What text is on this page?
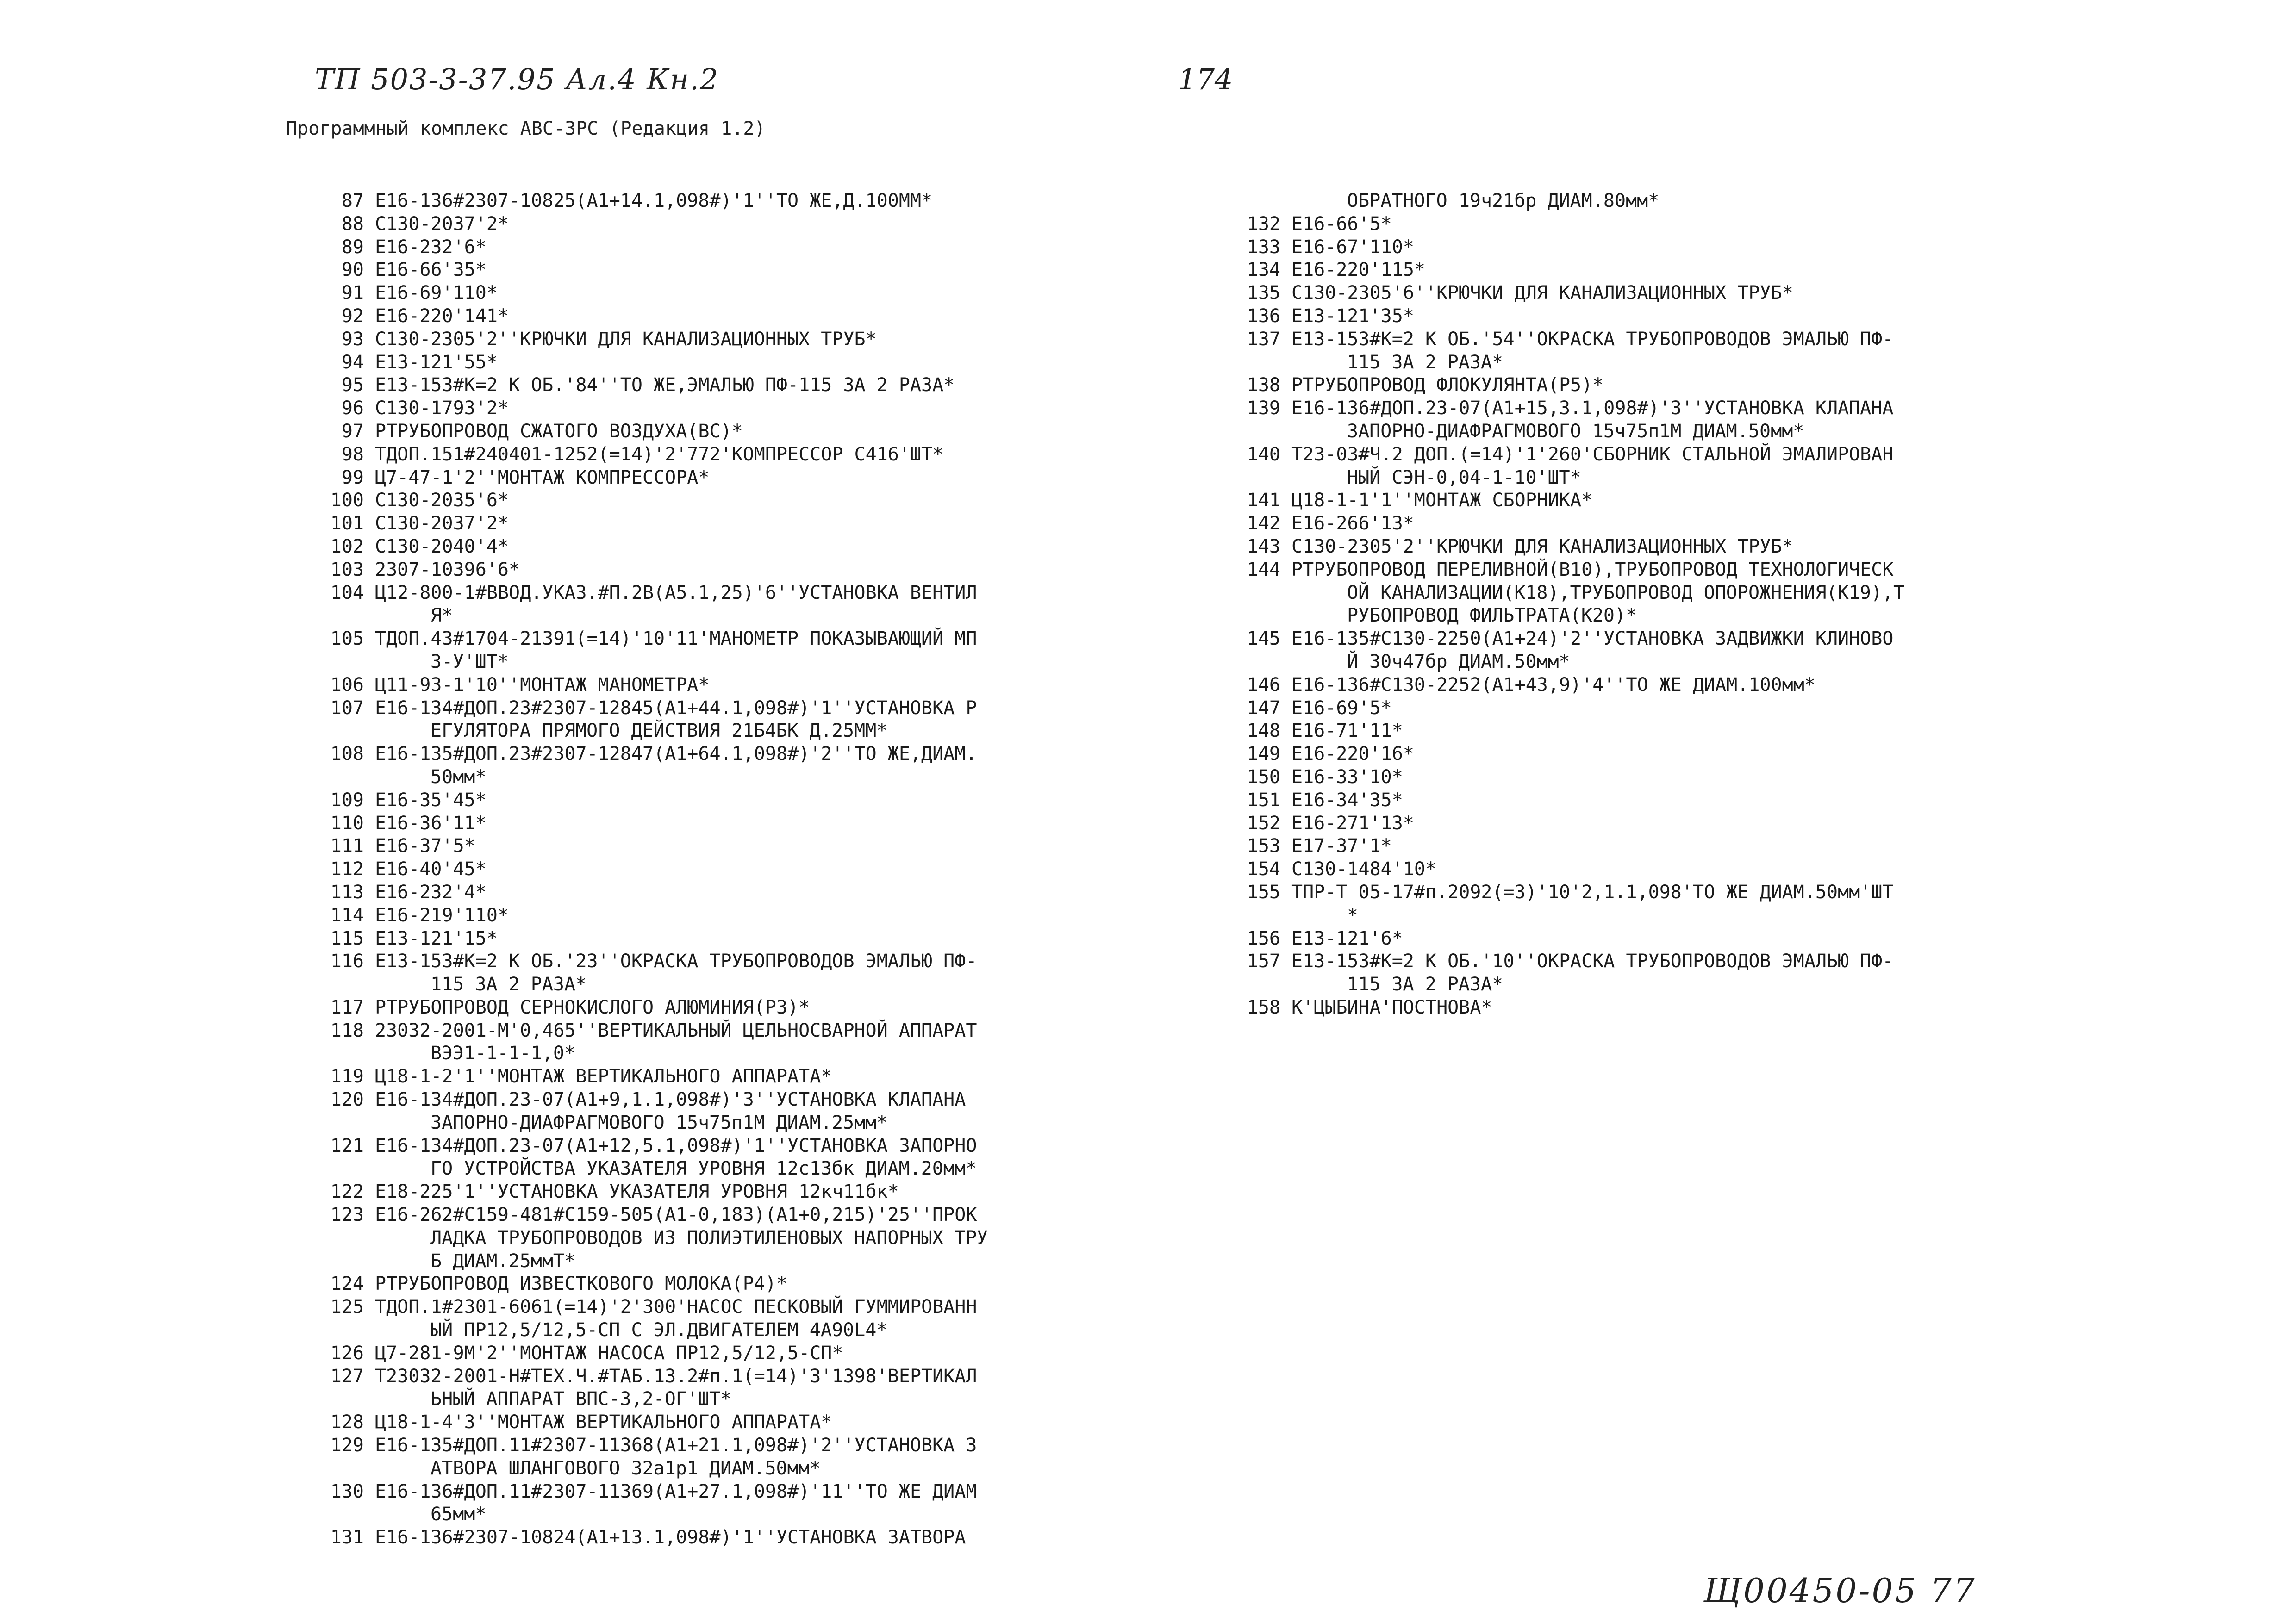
ТП 503-3-37.95 Ал.4 Кн.2	174
Программный комплекс АВС-ЗРС (Редакция 1.2)
87 Е16-136#2307-10825(А1+14.1,098#)'1''ТО ЖЕ,Д.100ММ*
88 С130-2037'2*
89 Е16-232'6*
90 Е16-66'35*
91 Е16-69'110*
92 Е16-220'141*
93 С130-2305'2''КРЮЧКИ ДЛЯ КАНАЛИЗАЦИОННЫХ ТРУБ*
94 Е13-121'55*
95 Е13-153#К=2 К ОБ.'84''ТО ЖЕ,ЭМАЛЬЮ ПФ-115 ЗА 2 РАЗА*
96 С130-1793'2*
97 РТРУБОПРОВОД СЖАТОГО ВОЗДУХА(ВС)*
98 ТДОП.151#240401-1252(=14)'2'772'КОМПРЕССОР С416'ШТ*
99 Ц7-47-1'2''МОНТАЖ КОМПРЕССОРА*
100 С130-2035'6*
101 С130-2037'2*
102 С130-2040'4*
103 2307-10396'6*
104 Ц12-800-1#ВВОД.УКАЗ.#П.2В(А5.1,25)'6''УСТАНОВКА ВЕНТИЛ
Я*
105 ТДОП.43#1704-21391(=14)'10'11'МАНОМЕТР ПОКАЗЫВАЮЩИЙ МП
3-У'ШТ*
106 Ц11-93-1'10''МОНТАЖ МАНОМЕТРА*
107 Е16-134#ДОП.23#2307-12845(А1+44.1,098#)'1''УСТАНОВКА Р
ЕГУЛЯТОРА ПРЯМОГО ДЕЙСТВИЯ 21Б4БК Д.25ММ*
108 Е16-135#ДОП.23#2307-12847(А1+64.1,098#)'2''ТО ЖЕ,ДИАМ.
50мм*
109 Е16-35'45*
110 Е16-36'11*
111 Е16-37'5*
112 Е16-40'45*
113 Е16-232'4*
114 Е16-219'110*
115 Е13-121'15*
116 Е13-153#К=2 К ОБ.'23''ОКРАСКА ТРУБОПРОВОДОВ ЭМАЛЬЮ ПФ-
115 ЗА 2 РАЗА*
117 РТРУБОПРОВОД СЕРНОКИСЛОГО АЛЮМИНИЯ(Р3)*
118 23032-2001-М'0,465''ВЕРТИКАЛЬНЫЙ ЦЕЛЬНОСВАРНОЙ АППАРАТ
ВЭЭ1-1-1-1,0*
119 Ц18-1-2'1''МОНТАЖ ВЕРТИКАЛЬНОГО АППАРАТА*
120 Е16-134#ДОП.23-07(А1+9,1.1,098#)'3''УСТАНОВКА КЛАПАНА
ЗАПОРНО-ДИАФРАГМОВОГО 15ч75п1М ДИАМ.25мм*
121 Е16-134#ДОП.23-07(А1+12,5.1,098#)'1''УСТАНОВКА ЗАПОРНО
ГО УСТРОЙСТВА УКАЗАТЕЛЯ УРОВНЯ 12с13бк ДИАМ.20мм*
122 Е18-225'1''УСТАНОВКА УКАЗАТЕЛЯ УРОВНЯ 12кч11бк*
123 Е16-262#С159-481#С159-505(А1-0,183)(А1+0,215)'25''ПРОК
ЛАДКА ТРУБОПРОВОДОВ ИЗ ПОЛИЭТИЛЕНОВЫХ НАПОРНЫХ ТРУ
Б ДИАМ.25ммТ*
124 РТРУБОПРОВОД ИЗВЕСТКОВОГО МОЛОКА(Р4)*
125 ТДОП.1#2301-6061(=14)'2'300'НАСОС ПЕСКОВЫЙ ГУММИРОВАНН
ЫЙ ПР12,5/12,5-СП С ЭЛ.ДВИГАТЕЛЕМ 4А90L4*
126 Ц7-281-9М'2''МОНТАЖ НАСОСА ПР12,5/12,5-СП*
127 Т23032-2001-Н#ТЕХ.Ч.#ТАБ.13.2#п.1(=14)'3'1398'ВЕРТИКАЛ
ЬНЫЙ АППАРАТ ВПС-3,2-ОГ'ШТ*
128 Ц18-1-4'3''МОНТАЖ ВЕРТИКАЛЬНОГО АППАРАТА*
129 Е16-135#ДОП.11#2307-11368(А1+21.1,098#)'2''УСТАНОВКА З
АТВОРА ШЛАНГОВОГО 32а1р1 ДИАМ.50мм*
130 Е16-136#ДОП.11#2307-11369(А1+27.1,098#)'11''ТО ЖЕ ДИАМ
65мм*
131 Е16-136#2307-10824(А1+13.1,098#)'1''УСТАНОВКА ЗАТВОРА
ОБРАТНОГО 19ч21бр ДИАМ.80мм*
132 Е16-66'5*
133 Е16-67'110*
134 Е16-220'115*
135 С130-2305'6''КРЮЧКИ ДЛЯ КАНАЛИЗАЦИОННЫХ ТРУБ*
136 Е13-121'35*
137 Е13-153#К=2 К ОБ.'54''ОКРАСКА ТРУБОПРОВОДОВ ЭМАЛЬЮ ПФ-
115 ЗА 2 РАЗА*
138 РТРУБОПРОВОД ФЛОКУЛЯНТА(Р5)*
139 Е16-136#ДОП.23-07(А1+15,3.1,098#)'3''УСТАНОВКА КЛАПАНА
ЗАПОРНО-ДИАФРАГМОВОГО 15ч75п1М ДИАМ.50мм*
140 Т23-03#Ч.2 ДОП.(=14)'1'260'СБОРНИК СТАЛЬНОЙ ЭМАЛИРОВАН
НЫЙ СЭН-0,04-1-10'ШТ*
141 Ц18-1-1'1''МОНТАЖ СБОРНИКА*
142 Е16-266'13*
143 С130-2305'2''КРЮЧКИ ДЛЯ КАНАЛИЗАЦИОННЫХ ТРУБ*
144 РТРУБОПРОВОД ПЕРЕЛИВНОЙ(В10),ТРУБОПРОВОД ТЕХНОЛОГИЧЕСК
ОЙ КАНАЛИЗАЦИИ(К18),ТРУБОПРОВОД ОПОРОЖНЕНИЯ(К19),Т
РУБОПРОВОД ФИЛЬТРАТА(К20)*
145 Е16-135#С130-2250(А1+24)'2''УСТАНОВКА ЗАДВИЖКИ КЛИНОВО
Й 30ч47бр ДИАМ.50мм*
146 Е16-136#С130-2252(А1+43,9)'4''ТО ЖЕ ДИАМ.100мм*
147 Е16-69'5*
148 Е16-71'11*
149 Е16-220'16*
150 Е16-33'10*
151 Е16-34'35*
152 Е16-271'13*
153 Е17-37'1*
154 С130-1484'10*
155 ТПР-Т 05-17#п.2092(=3)'10'2,1.1,098'ТО ЖЕ ДИАМ.50мм'ШТ
*
156 Е13-121'6*
157 Е13-153#К=2 К ОБ.'10''ОКРАСКА ТРУБОПРОВОДОВ ЭМАЛЬЮ ПФ-
115 ЗА 2 РАЗА*
158 К'ЦЫБИНА'ПОСТНОВА*
Щ00450-05 77
